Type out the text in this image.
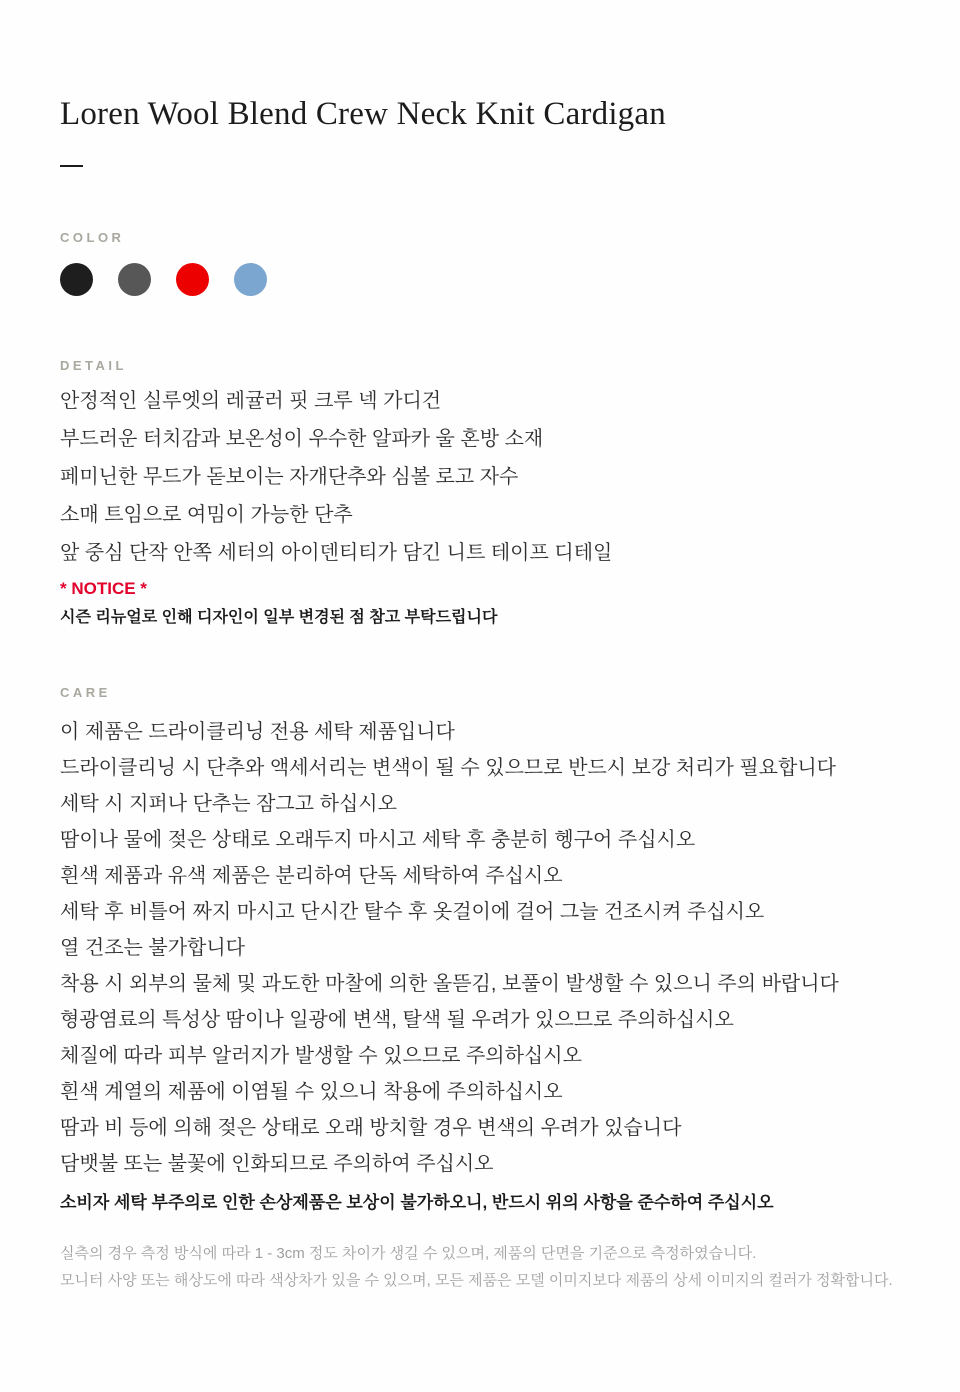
Loren Wool Blend Crew Neck Knit Cardigan
COLOR
DETAIL

안정적인 실루엣의 레귤러 핏 크루 넥 가디건

부드러운 터치감과 보온성이 우수한 알파카 울 혼방 소재

페미닌한 무드가 돋보이는 자개단추와 심볼 로고 자수

소매 트임으로 여밈이 가능한 단추

앞 중심 단작 안쪽 세터의 아이덴티티가 담긴 니트 테이프 디테일

* NOTICE *

시즌 리뉴얼로 인해 디자인이 일부 변경된 점 참고 부탁드립니다

CARE

이 제품은 드라이클리닝 전용 세탁 제품입니다

드라이클리닝 시 단추와 액세서리는 변색이 될 수 있으므로 반드시 보강 처리가 필요합니다

세탁 시 지퍼나 단추는 잠그고 하십시오

땀이나 물에 젖은 상태로 오래두지 마시고 세탁 후 충분히 헹구어 주십시오

흰색 제품과 유색 제품은 분리하여 단독 세탁하여 주십시오

세탁 후 비틀어 짜지 마시고 단시간 탈수 후 옷걸이에 걸어 그늘 건조시켜 주십시오

열 건조는 불가합니다

착용 시 외부의 물체 및 과도한 마찰에 의한 올뜯김, 보풀이 발생할 수 있으니 주의 바랍니다

형광염료의 특성상 땀이나 일광에 변색, 탈색 될 우려가 있으므로 주의하십시오

체질에 따라 피부 알러지가 발생할 수 있으므로 주의하십시오

흰색 계열의 제품에 이염될 수 있으니 착용에 주의하십시오

땀과 비 등에 의해 젖은 상태로 오래 방치할 경우 변색의 우려가 있습니다

담뱃불 또는 불꽃에 인화되므로 주의하여 주십시오

소비자 세탁 부주의로 인한 손상제품은 보상이 불가하오니, 반드시 위의 사항을 준수하여 주십시오

실측의 경우 측정 방식에 따라 1 - 3cm 정도 차이가 생길 수 있으며, 제품의 단면을 기준으로 측정하였습니다.

모니터 사양 또는 해상도에 따라 색상차가 있을 수 있으며, 모든 제품은 모델 이미지보다 제품의 상세 이미지의 컬러가 정확합니다.
